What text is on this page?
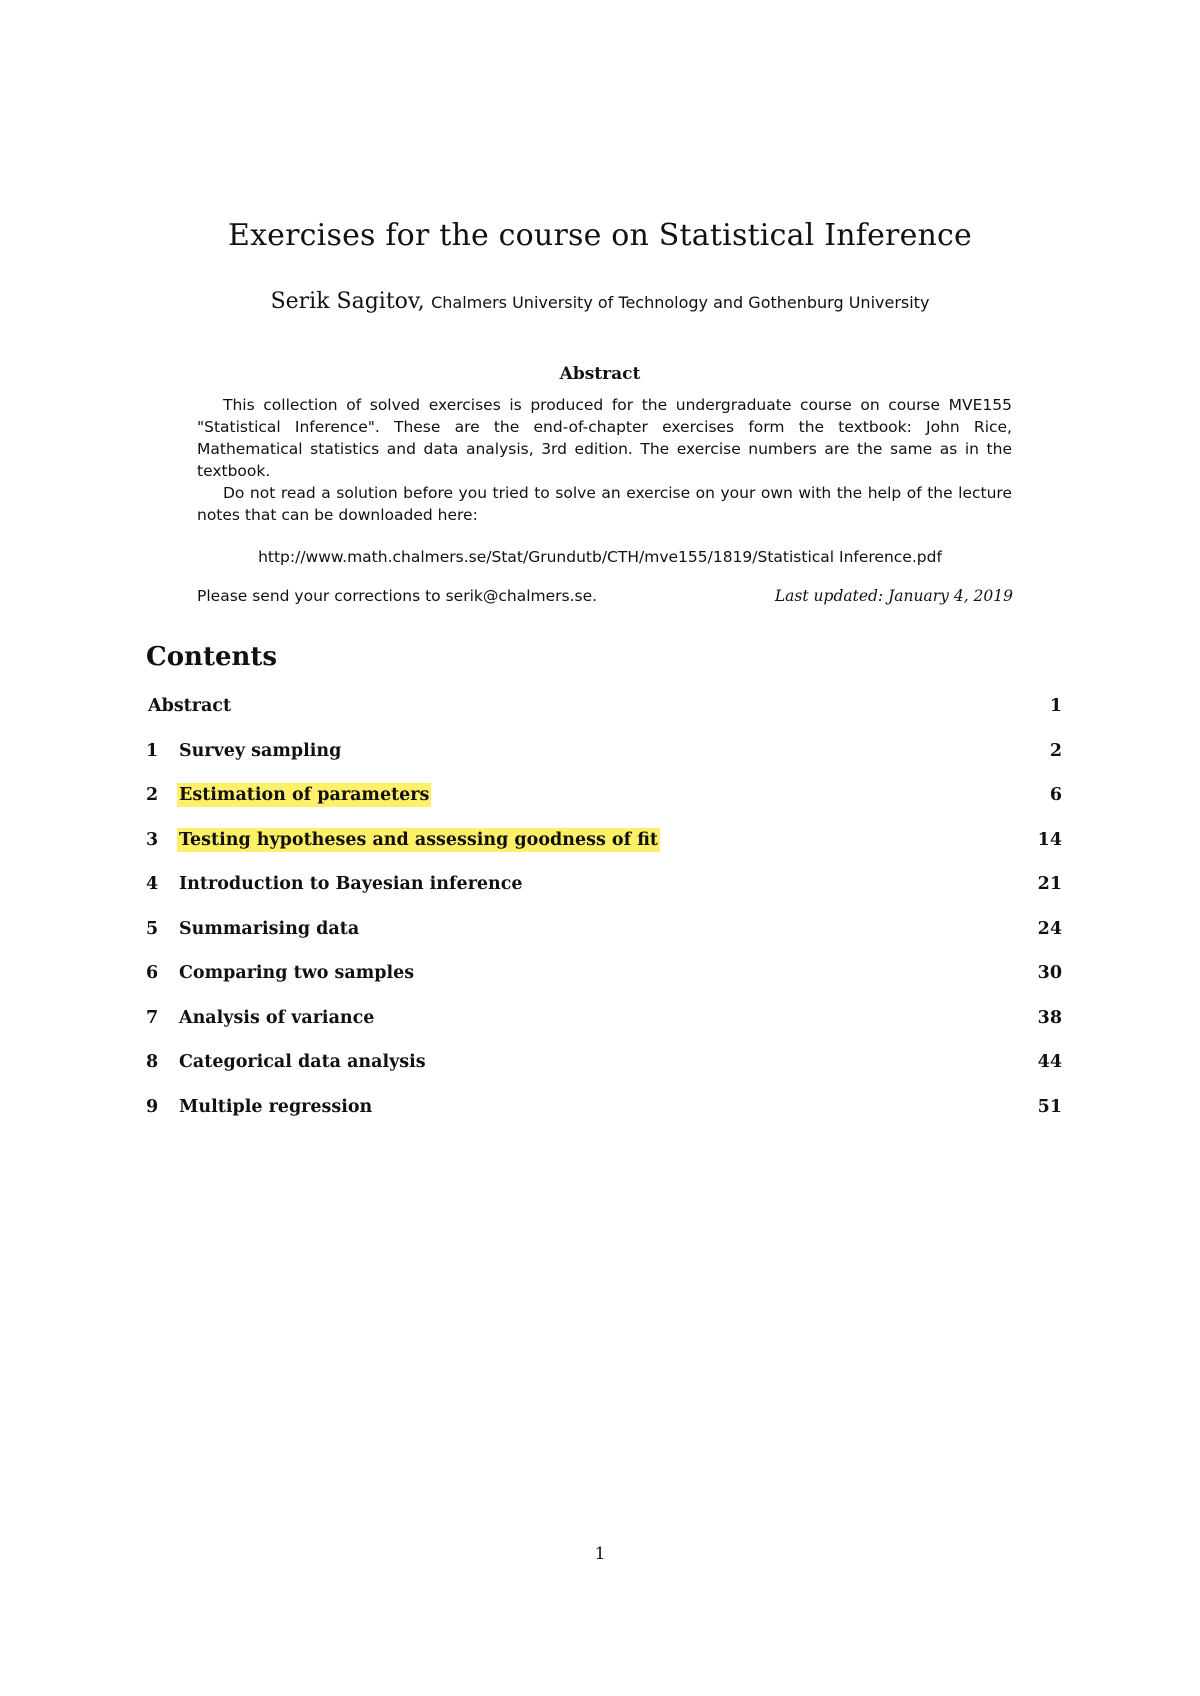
Exercises for the course on Statistical Inference
Serik Sagitov, Chalmers University of Technology and Gothenburg University
Abstract

This collection of solved exercises is produced for the undergraduate course on course MVE155 "Statistical Inference". These are the end-of-chapter exercises form the textbook: John Rice, Mathematical statistics and data analysis, 3rd edition. The exercise numbers are the same as in the textbook.

Do not read a solution before you tried to solve an exercise on your own with the help of the lecture notes that can be downloaded here:

http://www.math.chalmers.se/Stat/Grundutb/CTH/mve155/1819/Statistical Inference.pdf
Please send your corrections to serik@chalmers.se.	Last updated: January 4, 2019
Contents
Abstract	1
1 Survey sampling	2
2 Estimation of parameters	6
3 Testing hypotheses and assessing goodness of fit	14
4 Introduction to Bayesian inference	21
5 Summarising data	24
6 Comparing two samples	30
7 Analysis of variance	38
8 Categorical data analysis	44
9 Multiple regression	51
1
